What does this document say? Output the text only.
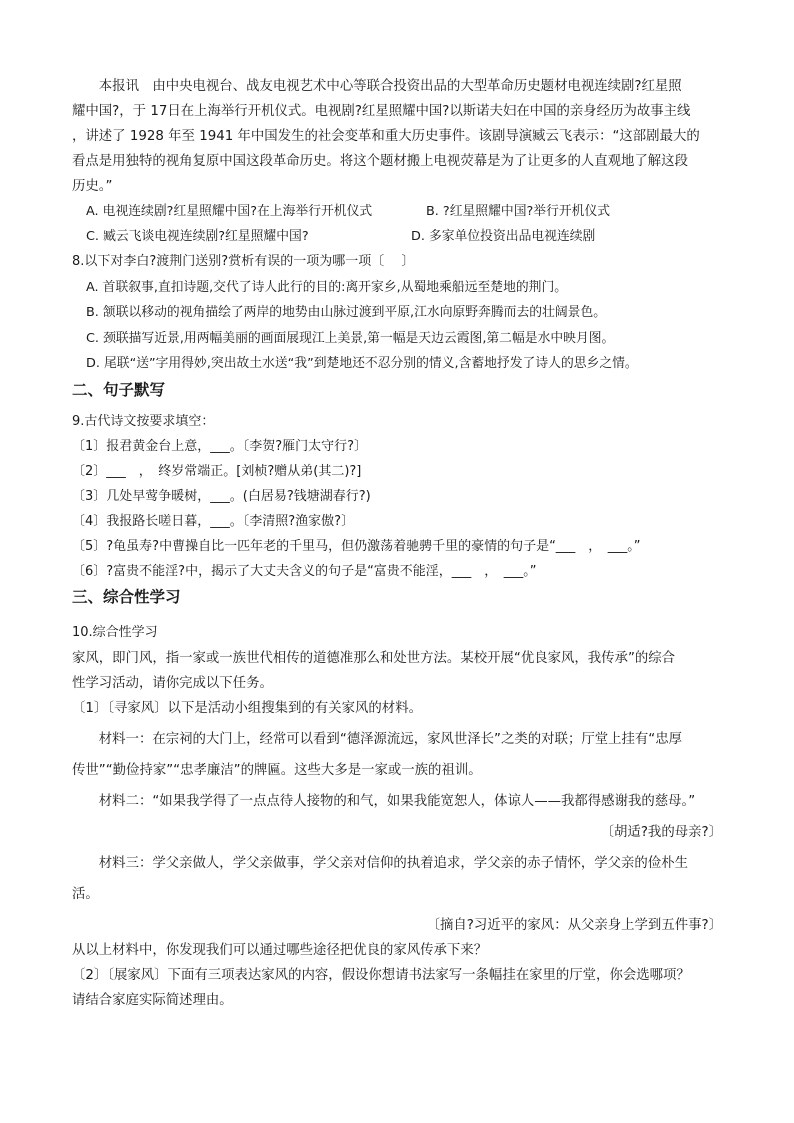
本报讯　由中央电视台、战友电视艺术中心等联合投资出品的大型革命历史题材电视连续剧?红星照

耀中国?，于 17日在上海举行开机仪式。电视剧?红星照耀中国?以斯诺夫妇在中国的亲身经历为故事主线

，讲述了 1928 年至 1941 年中国发生的社会变革和重大历史事件。该剧导演臧云飞表示：“这部剧最大的

看点是用独特的视角复原中国这段革命历史。将这个题材搬上电视荧幕是为了让更多的人直观地了解这段

历史。”

A. 电视连续剧?红星照耀中国?在上海举行开机仪式	B. ?红星照耀中国?举行开机仪式
C. 臧云飞谈电视连续剧?红星照耀中国?	D. 多家单位投资出品电视连续剧
8.以下对李白?渡荆门送别?赏析有误的一项为哪一项〔　 〕
A. 首联叙事,直扣诗题,交代了诗人此行的目的:离开家乡,从蜀地乘船远至楚地的荆门。
B. 颔联以移动的视角描绘了两岸的地势由山脉过渡到平原,江水向原野奔腾而去的壮阔景色。
C. 颈联描写近景,用两幅美丽的画面展现江上美景,第一幅是天边云霞图,第二幅是水中映月图。
D. 尾联“送”字用得妙,突出故土水送“我”到楚地还不忍分别的情义,含蓄地抒发了诗人的思乡之情。
二、句子默写
9.古代诗文按要求填空：
〔1〕报君黄金台上意，___。〔李贺?雁门太守行?〕
〔2〕___　，　终岁常端正。[刘桢?赠从弟(其二)?]
〔3〕几处早莺争暖树，___。(白居易?钱塘湖春行?)
〔4〕我报路长嗟日暮，___。〔李清照?渔家傲?〕
〔5〕?龟虽寿?中曹操自比一匹年老的千里马，但仍激荡着驰骋千里的豪情的句子是“___　，　___。”
〔6〕?富贵不能淫?中，揭示了大丈夫含义的句子是“富贵不能淫，___　，　___。”
三、综合性学习
10.综合性学习

家风，即门风，指一家或一族世代相传的道德准那么和处世方法。某校开展“优良家风，我传承”的综合

性学习活动，请你完成以下任务。

〔1〕〔寻家风〕以下是活动小组搜集到的有关家风的材料。

材料一：在宗祠的大门上，经常可以看到“德泽源流远，家风世泽长”之类的对联；厅堂上挂有“忠厚

传世”“勤俭持家”“忠孝廉洁”的牌匾。这些大多是一家或一族的祖训。

材料二：“如果我学得了一点点待人接物的和气，如果我能宽恕人，体谅人——我都得感谢我的慈母。”

〔胡适?我的母亲?〕

材料三：学父亲做人，学父亲做事，学父亲对信仰的执着追求，学父亲的赤子情怀，学父亲的俭朴生

活。

〔摘自?习近平的家风：从父亲身上学到五件事?〕

从以上材料中，你发现我们可以通过哪些途径把优良的家风传承下来？

〔2〕〔展家风〕下面有三项表达家风的内容，假设你想请书法家写一条幅挂在家里的厅堂，你会选哪项？

请结合家庭实际简述理由。
